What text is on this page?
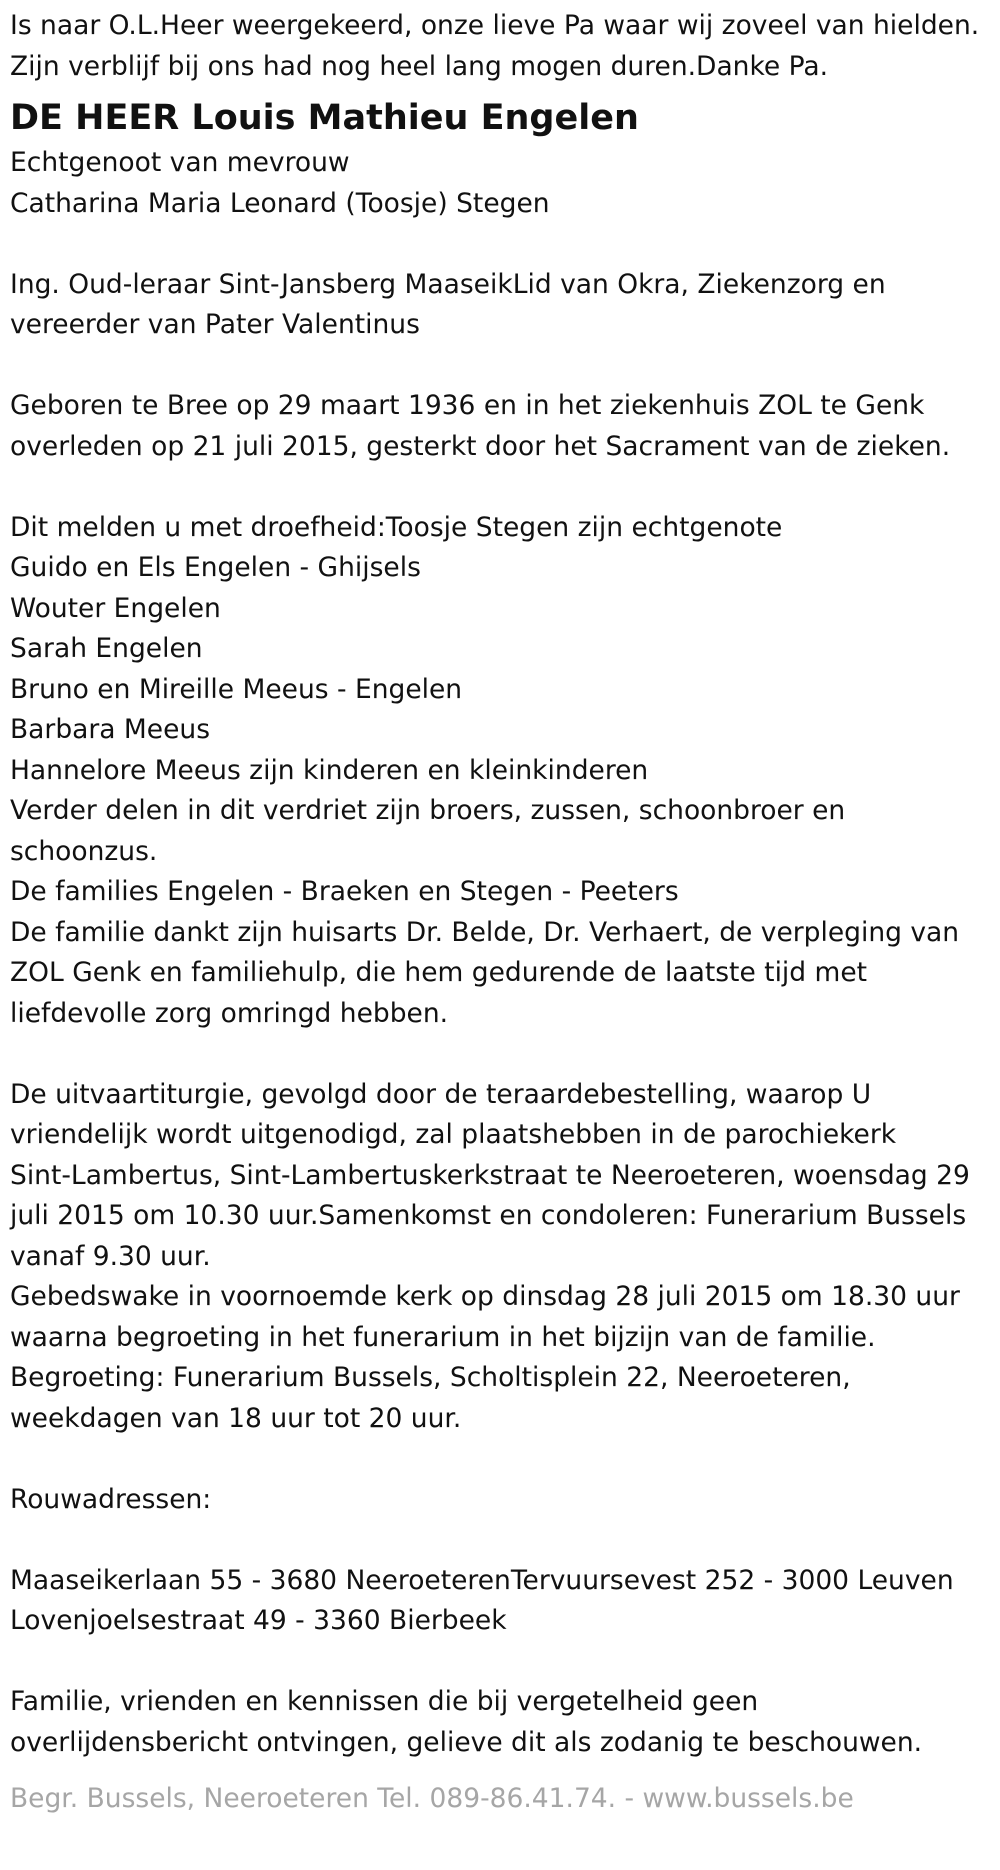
Is naar O.L.Heer weergekeerd, onze lieve Pa waar wij zoveel van hielden.
Zijn verblijf bij ons had nog heel lang mogen duren.Danke Pa.
DE HEER Louis Mathieu Engelen
Echtgenoot van mevrouw
Catharina Maria Leonard (Toosje) Stegen
Ing. Oud-leraar Sint-Jansberg MaaseikLid van Okra, Ziekenzorg en
vereerder van Pater Valentinus
Geboren te Bree op 29 maart 1936 en in het ziekenhuis ZOL te Genk
overleden op 21 juli 2015, gesterkt door het Sacrament van de zieken.
Dit melden u met droefheid:Toosje Stegen zijn echtgenote
Guido en Els Engelen - Ghijsels
Wouter Engelen
Sarah Engelen
Bruno en Mireille Meeus - Engelen
Barbara Meeus
Hannelore Meeus zijn kinderen en kleinkinderen
Verder delen in dit verdriet zijn broers, zussen, schoonbroer en
schoonzus.
De families Engelen - Braeken en Stegen - Peeters
De familie dankt zijn huisarts Dr. Belde, Dr. Verhaert, de verpleging van
ZOL Genk en familiehulp, die hem gedurende de laatste tijd met
liefdevolle zorg omringd hebben.
De uitvaartiturgie, gevolgd door de teraardebestelling, waarop U
vriendelijk wordt uitgenodigd, zal plaatshebben in de parochiekerk
Sint-Lambertus, Sint-Lambertuskerkstraat te Neeroeteren, woensdag 29
juli 2015 om 10.30 uur.Samenkomst en condoleren: Funerarium Bussels
vanaf 9.30 uur.
Gebedswake in voornoemde kerk op dinsdag 28 juli 2015 om 18.30 uur
waarna begroeting in het funerarium in het bijzijn van de familie.
Begroeting: Funerarium Bussels, Scholtisplein 22, Neeroeteren,
weekdagen van 18 uur tot 20 uur.
Rouwadressen:
Maaseikerlaan 55 - 3680 NeeroeterenTervuursevest 252 - 3000 Leuven
Lovenjoelsestraat 49 - 3360 Bierbeek
Familie, vrienden en kennissen die bij vergetelheid geen
overlijdensbericht ontvingen, gelieve dit als zodanig te beschouwen.
Begr. Bussels, Neeroeteren Tel. 089-86.41.74. - www.bussels.be
